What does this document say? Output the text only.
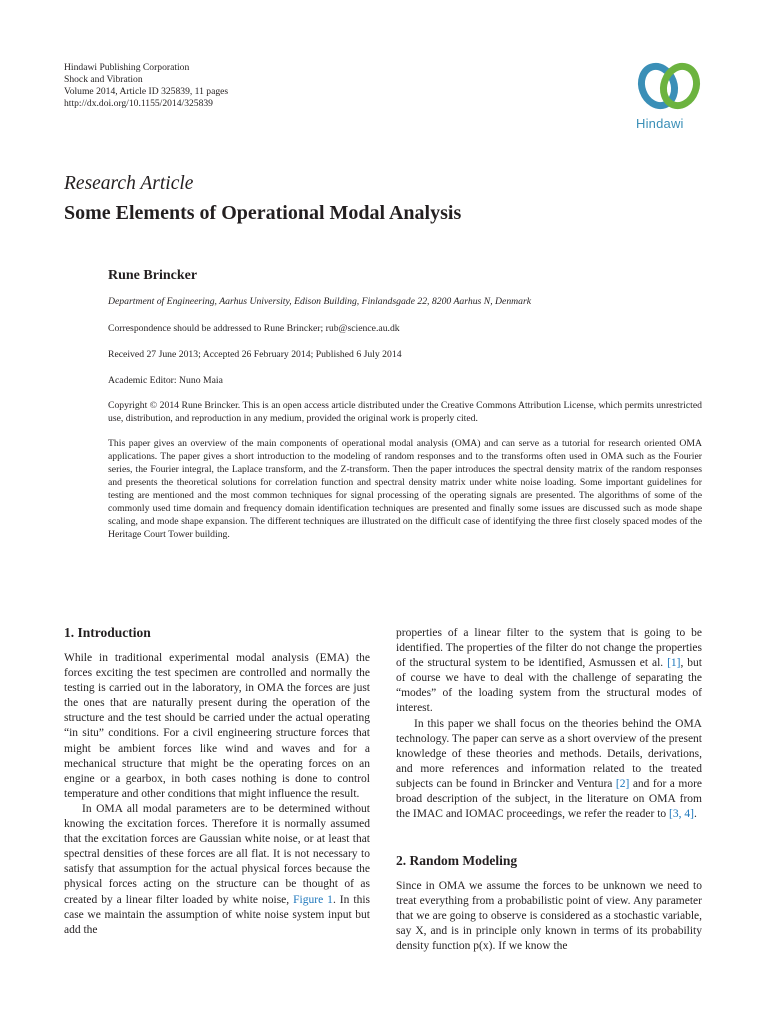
Hindawi Publishing Corporation
Shock and Vibration
Volume 2014, Article ID 325839, 11 pages
http://dx.doi.org/10.1155/2014/325839
Hindawi
Research Article
Some Elements of Operational Modal Analysis
Rune Brincker
Department of Engineering, Aarhus University, Edison Building, Finlandsgade 22, 8200 Aarhus N, Denmark
Correspondence should be addressed to Rune Brincker; rub@science.au.dk
Received 27 June 2013; Accepted 26 February 2014; Published 6 July 2014
Academic Editor: Nuno Maia
Copyright © 2014 Rune Brincker. This is an open access article distributed under the Creative Commons Attribution License, which permits unrestricted use, distribution, and reproduction in any medium, provided the original work is properly cited.
This paper gives an overview of the main components of operational modal analysis (OMA) and can serve as a tutorial for research oriented OMA applications. The paper gives a short introduction to the modeling of random responses and to the transforms often used in OMA such as the Fourier series, the Fourier integral, the Laplace transform, and the Z-transform. Then the paper introduces the spectral density matrix of the random responses and presents the theoretical solutions for correlation function and spectral density matrix under white noise loading. Some important guidelines for testing are mentioned and the most common techniques for signal processing of the operating signals are presented. The algorithms of some of the commonly used time domain and frequency domain identification techniques are presented and finally some issues are discussed such as mode shape scaling, and mode shape expansion. The different techniques are illustrated on the difficult case of identifying the three first closely spaced modes of the Heritage Court Tower building.
1. Introduction

While in traditional experimental modal analysis (EMA) the forces exciting the test specimen are controlled and normally the testing is carried out in the laboratory, in OMA the forces are just the ones that are naturally present during the operation of the structure and the test should be carried under the actual operating “in situ” conditions. For a civil engineering structure forces that might be ambient forces like wind and waves and for a mechanical structure that might be the operating forces on an engine or a gearbox, in both cases nothing is done to control temperature and other conditions that might influence the result.

In OMA all modal parameters are to be determined without knowing the excitation forces. Therefore it is normally assumed that the excitation forces are Gaussian white noise, or at least that spectral densities of these forces are all flat. It is not necessary to satisfy that assumption for the actual physical forces because the physical forces acting on the structure can be thought of as created by a linear filter loaded by white noise, Figure 1. In this case we maintain the assumption of white noise system input but add the

properties of a linear filter to the system that is going to be identified. The properties of the filter do not change the properties of the structural system to be identified, Asmussen et al. [1], but of course we have to deal with the challenge of separating the “modes” of the loading system from the structural modes of interest.

In this paper we shall focus on the theories behind the OMA technology. The paper can serve as a short overview of the present knowledge of these theories and methods. Details, derivations, and more references and information related to the treated subjects can be found in Brincker and Ventura [2] and for a more broad description of the subject, in the literature on OMA from the IMAC and IOMAC proceedings, we refer the reader to [3, 4].

2. Random Modeling

Since in OMA we assume the forces to be unknown we need to treat everything from a probabilistic point of view. Any parameter that we are going to observe is considered as a stochastic variable, say X, and is in principle only known in terms of its probability density function p(x). If we know the
